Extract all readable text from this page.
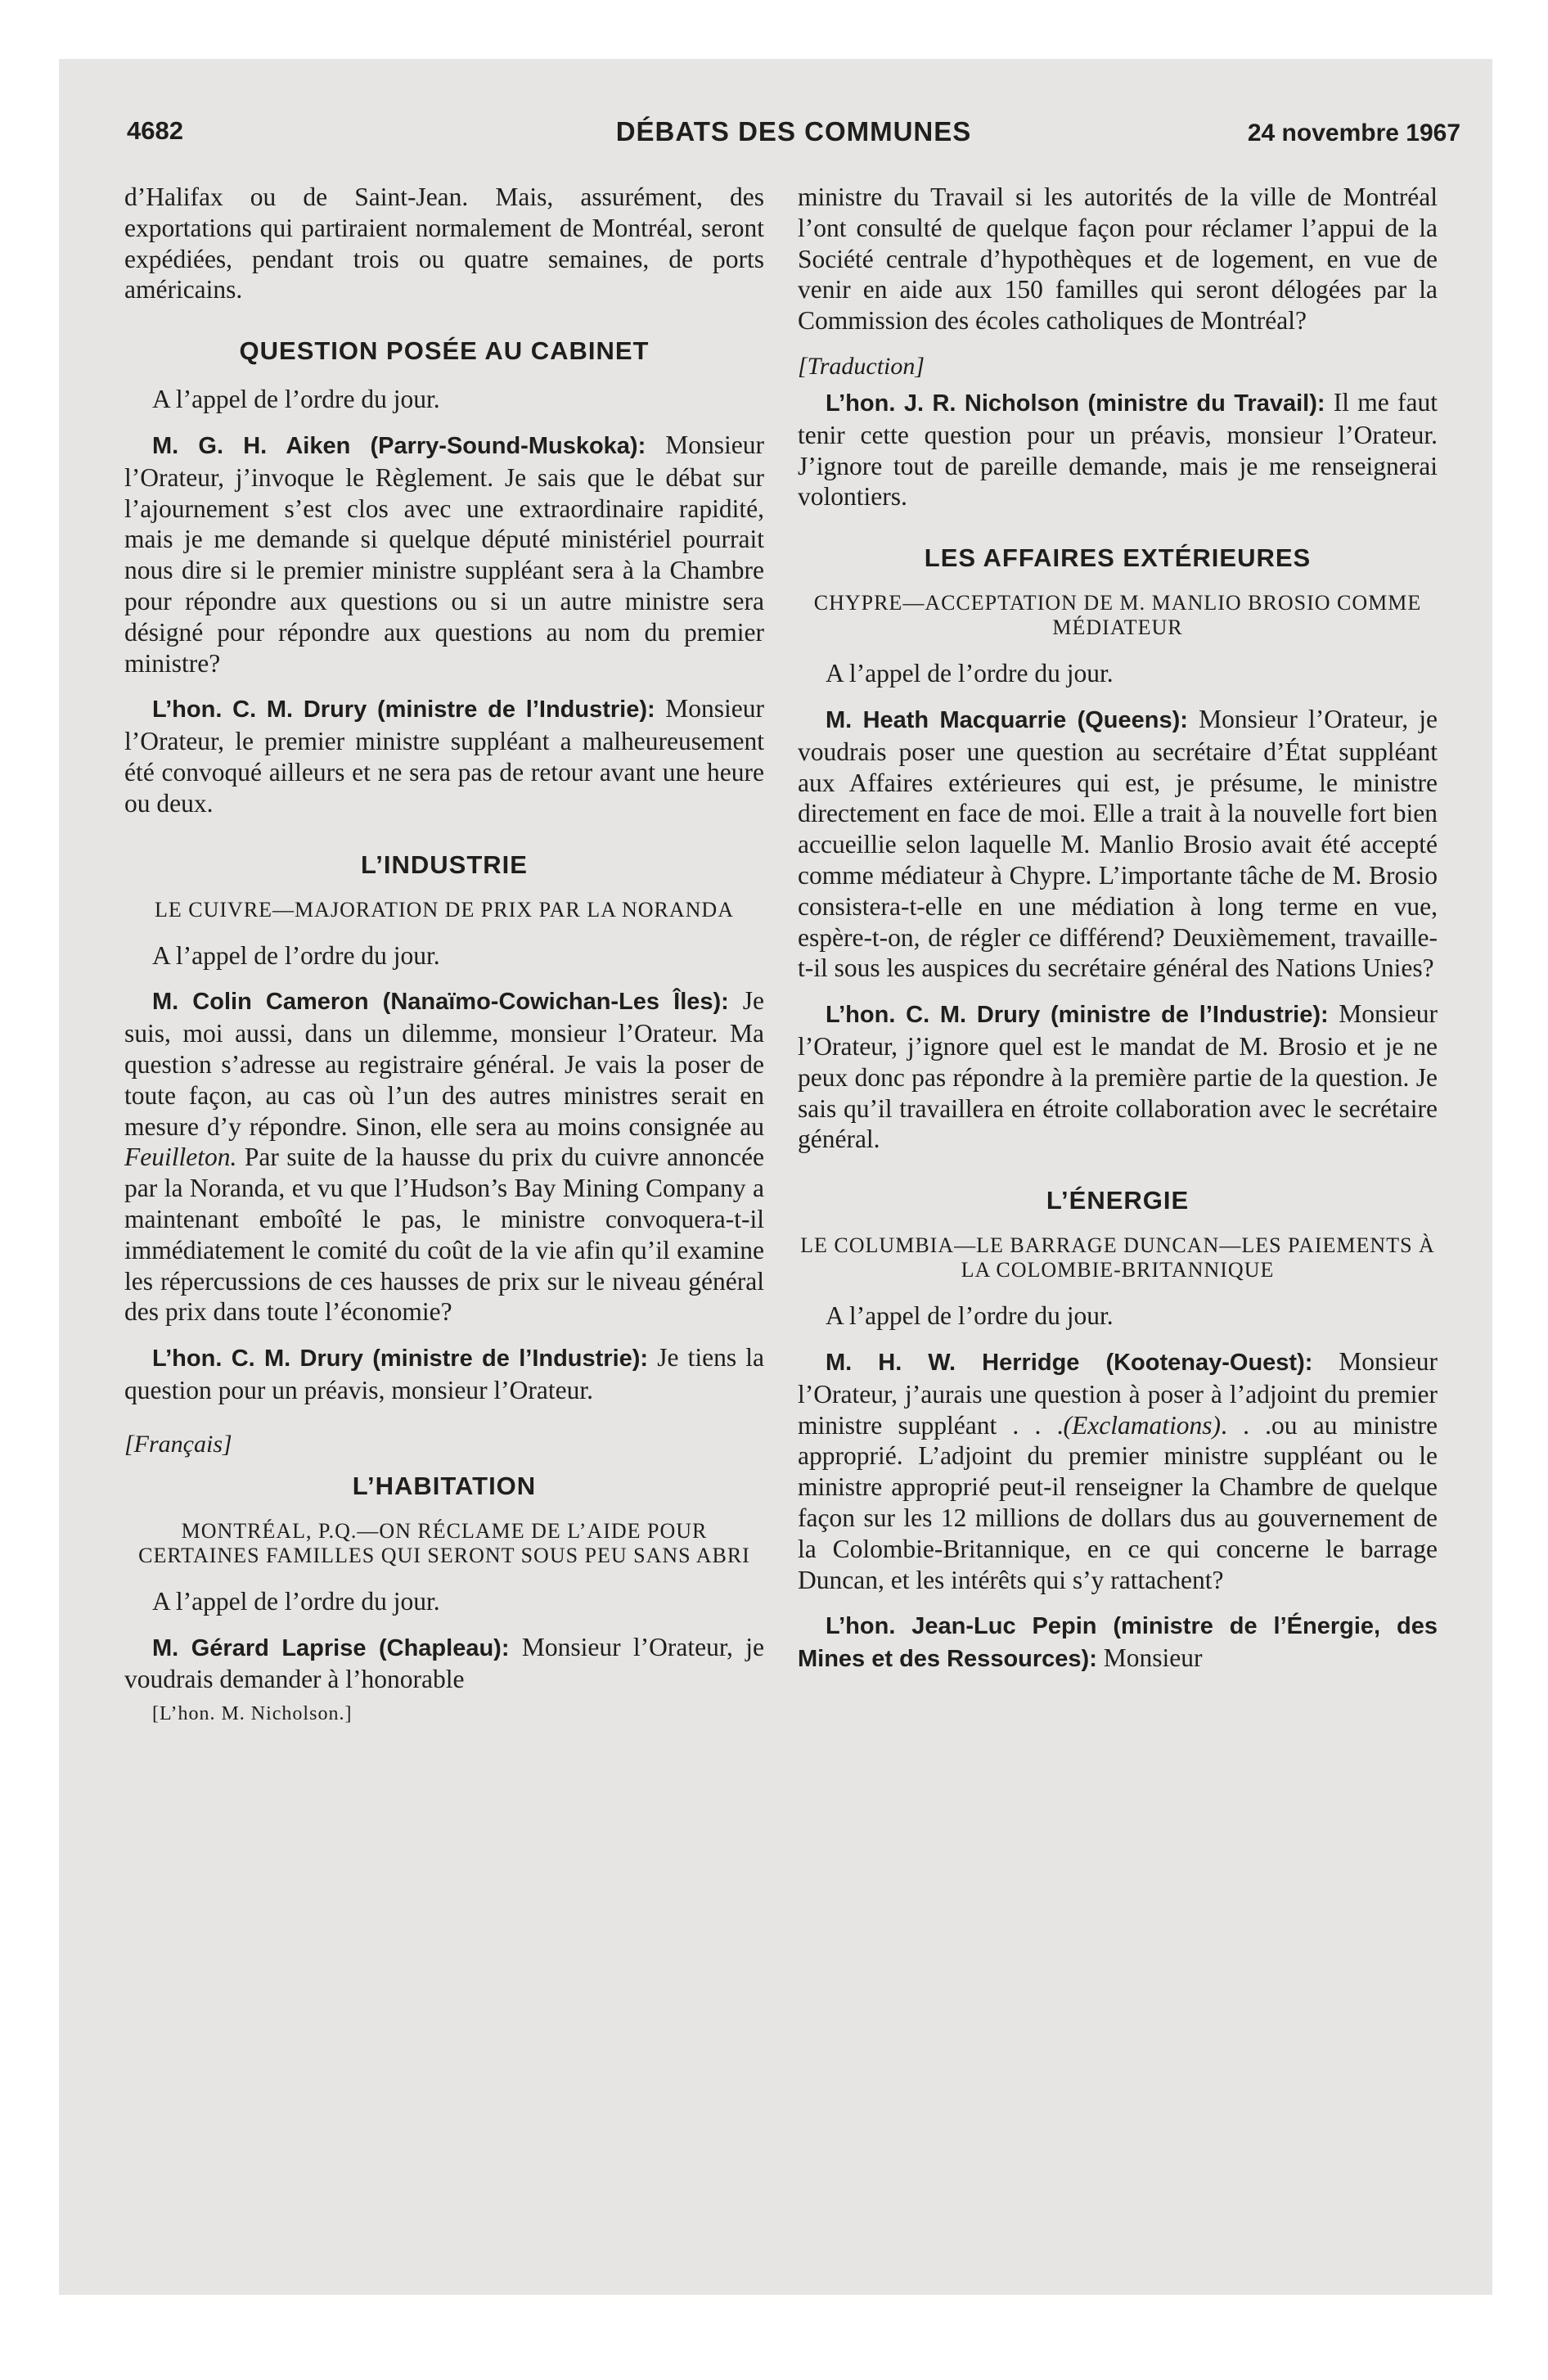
4682	DÉBATS DES COMMUNES	24 novembre 1967

d’Halifax ou de Saint-Jean. Mais, assurément, des exportations qui partiraient normalement de Montréal, seront expédiées, pendant trois ou quatre semaines, de ports américains.

QUESTION POSÉE AU CABINET

A l’appel de l’ordre du jour.

M. G. H. Aiken (Parry-Sound-Muskoka): Monsieur l’Orateur, j’invoque le Règlement. Je sais que le débat sur l’ajournement s’est clos avec une extraordinaire rapidité, mais je me demande si quelque député ministériel pourrait nous dire si le premier ministre suppléant sera à la Chambre pour répondre aux questions ou si un autre ministre sera désigné pour répondre aux questions au nom du premier ministre?

L’hon. C. M. Drury (ministre de l’Industrie): Monsieur l’Orateur, le premier ministre suppléant a malheureusement été convoqué ailleurs et ne sera pas de retour avant une heure ou deux.

L’INDUSTRIE
LE CUIVRE—MAJORATION DE PRIX PAR LA NORANDA

A l’appel de l’ordre du jour.

M. Colin Cameron (Nanaïmo-Cowichan-Les Îles): Je suis, moi aussi, dans un dilemme, monsieur l’Orateur. Ma question s’adresse au registraire général. Je vais la poser de toute façon, au cas où l’un des autres ministres serait en mesure d’y répondre. Sinon, elle sera au moins consignée au Feuilleton. Par suite de la hausse du prix du cuivre annoncée par la Noranda, et vu que l’Hudson’s Bay Mining Company a maintenant emboîté le pas, le ministre convoquera-t-il immédiatement le comité du coût de la vie afin qu’il examine les répercussions de ces hausses de prix sur le niveau général des prix dans toute l’économie?

L’hon. C. M. Drury (ministre de l’Industrie): Je tiens la question pour un préavis, monsieur l’Orateur.

[Français]
L’HABITATION
MONTRÉAL, P.Q.—ON RÉCLAME DE L’AIDE POUR CERTAINES FAMILLES QUI SERONT SOUS PEU SANS ABRI

A l’appel de l’ordre du jour.

M. Gérard Laprise (Chapleau): Monsieur l’Orateur, je voudrais demander à l’honorable

[L’hon. M. Nicholson.]

ministre du Travail si les autorités de la ville de Montréal l’ont consulté de quelque façon pour réclamer l’appui de la Société centrale d’hypothèques et de logement, en vue de venir en aide aux 150 familles qui seront délogées par la Commission des écoles catholiques de Montréal?

[Traduction]

L’hon. J. R. Nicholson (ministre du Travail): Il me faut tenir cette question pour un préavis, monsieur l’Orateur. J’ignore tout de pareille demande, mais je me renseignerai volontiers.

LES AFFAIRES EXTÉRIEURES
CHYPRE—ACCEPTATION DE M. MANLIO BROSIO COMME MÉDIATEUR

A l’appel de l’ordre du jour.

M. Heath Macquarrie (Queens): Monsieur l’Orateur, je voudrais poser une question au secrétaire d’État suppléant aux Affaires extérieures qui est, je présume, le ministre directement en face de moi. Elle a trait à la nouvelle fort bien accueillie selon laquelle M. Manlio Brosio avait été accepté comme médiateur à Chypre. L’importante tâche de M. Brosio consistera-t-elle en une médiation à long terme en vue, espère-t-on, de régler ce différend? Deuxièmement, travaille-t-il sous les auspices du secrétaire général des Nations Unies?

L’hon. C. M. Drury (ministre de l’Industrie): Monsieur l’Orateur, j’ignore quel est le mandat de M. Brosio et je ne peux donc pas répondre à la première partie de la question. Je sais qu’il travaillera en étroite collaboration avec le secrétaire général.

L’ÉNERGIE
LE COLUMBIA—LE BARRAGE DUNCAN—LES PAIEMENTS À LA COLOMBIE-BRITANNIQUE

A l’appel de l’ordre du jour.

M. H. W. Herridge (Kootenay-Ouest): Monsieur l’Orateur, j’aurais une question à poser à l’adjoint du premier ministre suppléant . . .(Exclamations). . .ou au ministre approprié. L’adjoint du premier ministre suppléant ou le ministre approprié peut-il renseigner la Chambre de quelque façon sur les 12 millions de dollars dus au gouvernement de la Colombie-Britannique, en ce qui concerne le barrage Duncan, et les intérêts qui s’y rattachent?

L’hon. Jean-Luc Pepin (ministre de l’Énergie, des Mines et des Ressources): Monsieur
